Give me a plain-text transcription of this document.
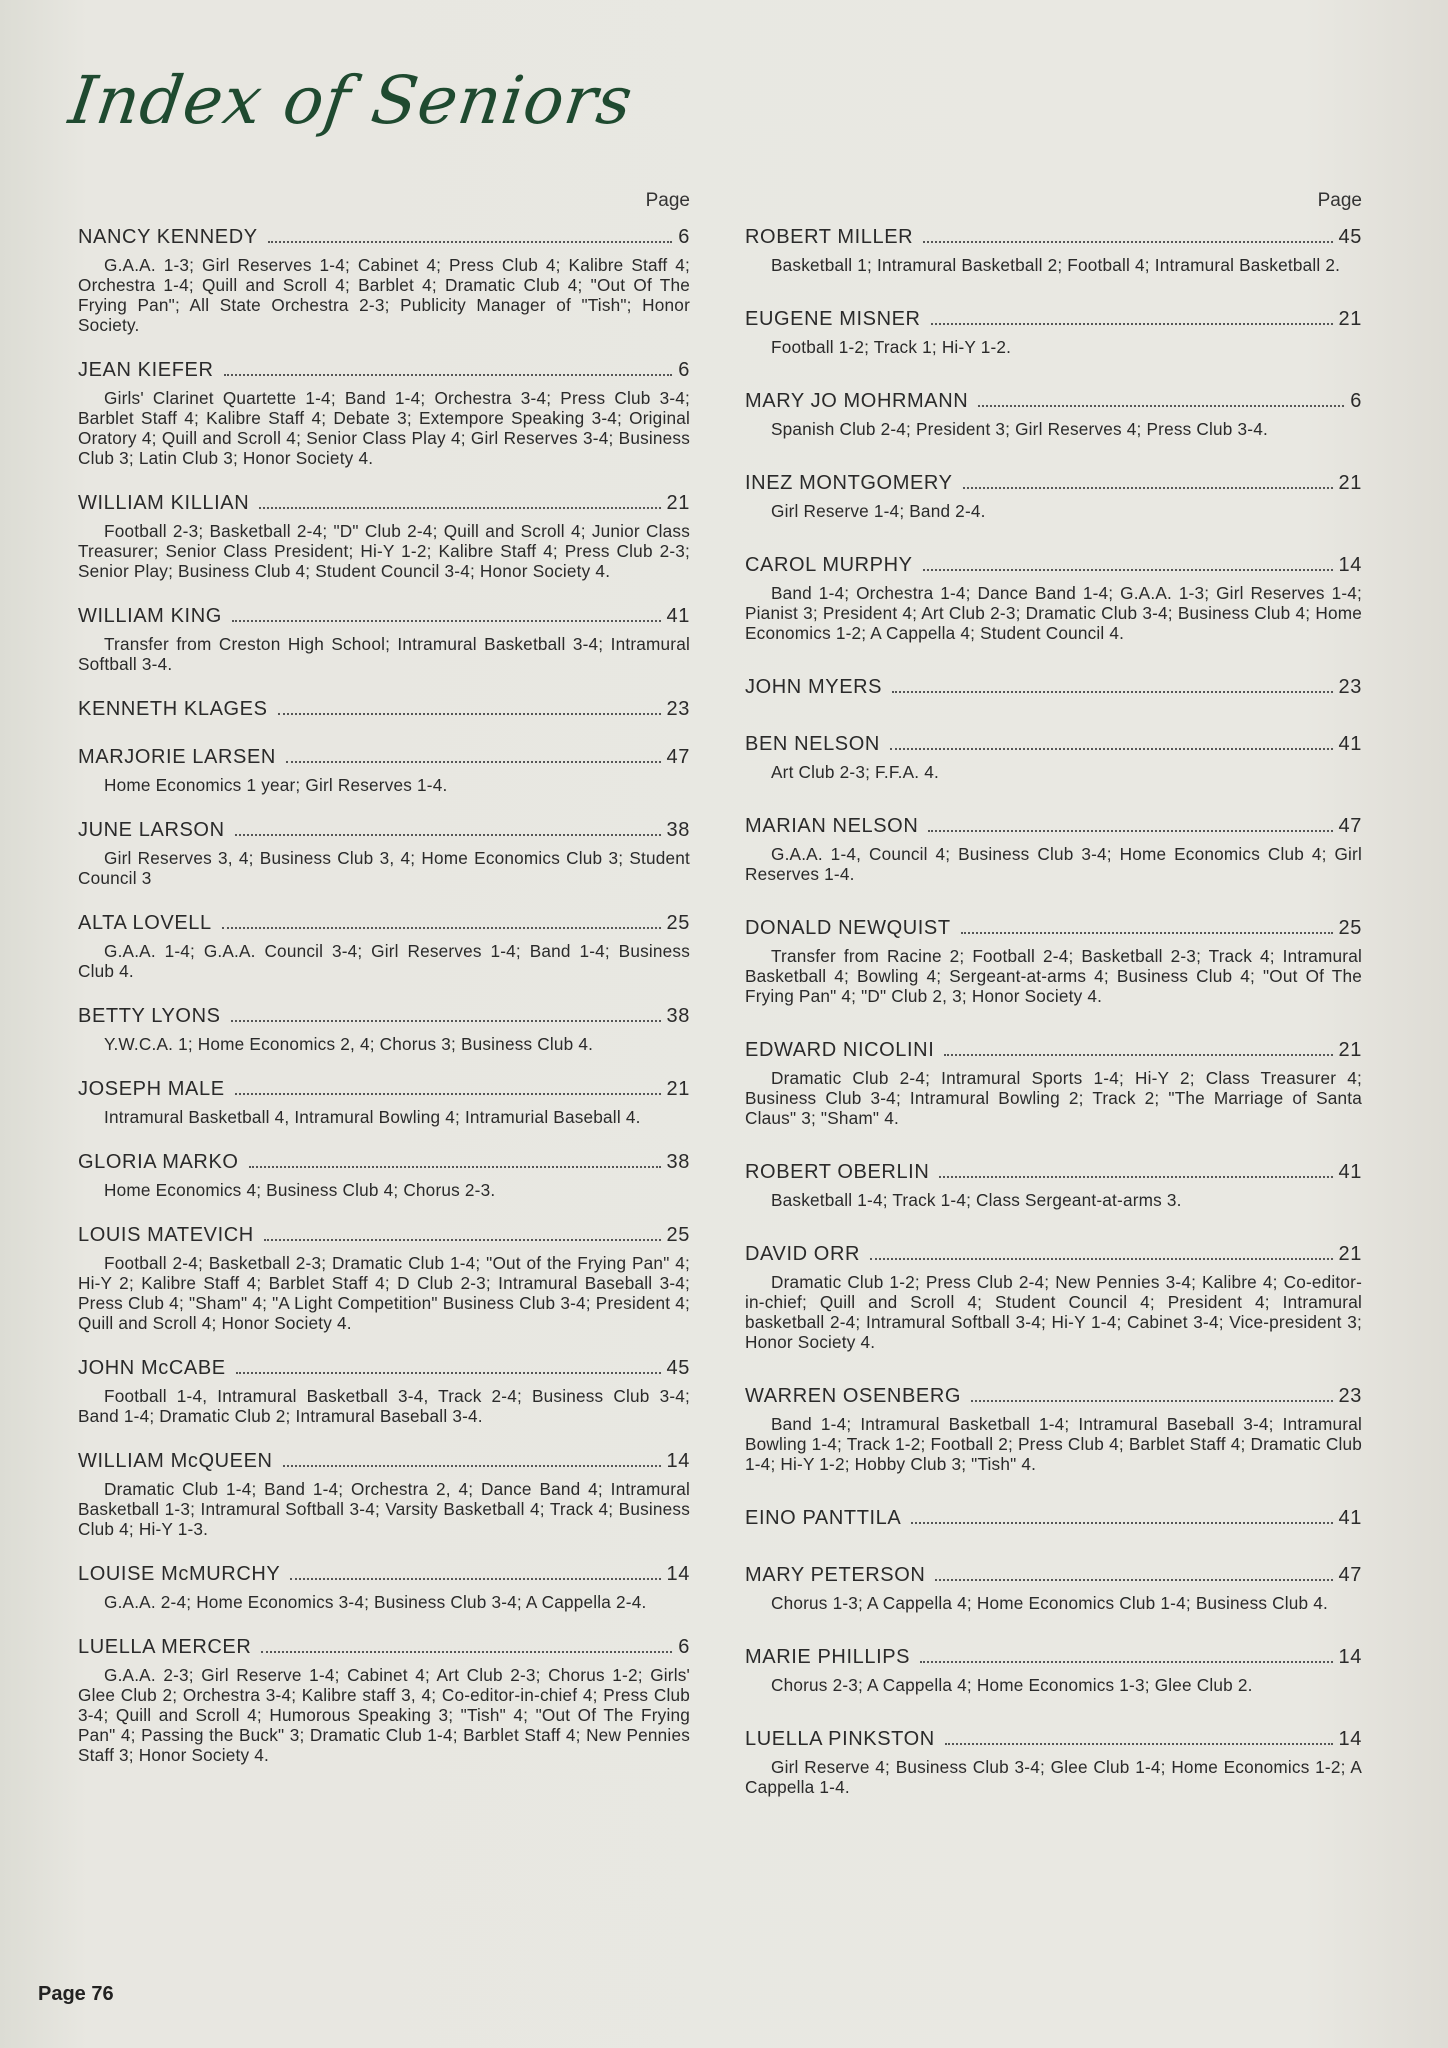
Index of Seniors
Page
NANCY KENNEDY	6
G.A.A. 1-3; Girl Reserves 1-4; Cabinet 4; Press Club 4; Kalibre Staff 4; Orchestra 1-4; Quill and Scroll 4; Barblet 4; Dramatic Club 4; "Out Of The Frying Pan"; All State Orchestra 2-3; Publicity Manager of "Tish"; Honor Society.
JEAN KIEFER	6
Girls' Clarinet Quartette 1-4; Band 1-4; Orchestra 3-4; Press Club 3-4; Barblet Staff 4; Kalibre Staff 4; Debate 3; Extempore Speaking 3-4; Original Oratory 4; Quill and Scroll 4; Senior Class Play 4; Girl Reserves 3-4; Business Club 3; Latin Club 3; Honor Society 4.
WILLIAM KILLIAN	21
Football 2-3; Basketball 2-4; "D" Club 2-4; Quill and Scroll 4; Junior Class Treasurer; Senior Class President; Hi-Y 1-2; Kalibre Staff 4; Press Club 2-3; Senior Play; Business Club 4; Student Council 3-4; Honor Society 4.
WILLIAM KING	41
Transfer from Creston High School; Intramural Basketball 3-4; Intramural Softball 3-4.
KENNETH KLAGES	23
MARJORIE LARSEN	47
Home Economics 1 year; Girl Reserves 1-4.
JUNE LARSON	38
Girl Reserves 3, 4; Business Club 3, 4; Home Economics Club 3; Student Council 3
ALTA LOVELL	25
G.A.A. 1-4; G.A.A. Council 3-4; Girl Reserves 1-4; Band 1-4; Business Club 4.
BETTY LYONS	38
Y.W.C.A. 1; Home Economics 2, 4; Chorus 3; Business Club 4.
JOSEPH MALE	21
Intramural Basketball 4, Intramural Bowling 4; Intramurial Baseball 4.
GLORIA MARKO	38
Home Economics 4; Business Club 4; Chorus 2-3.
LOUIS MATEVICH	25
Football 2-4; Basketball 2-3; Dramatic Club 1-4; "Out of the Frying Pan" 4; Hi-Y 2; Kalibre Staff 4; Barblet Staff 4; D Club 2-3; Intramural Baseball 3-4; Press Club 4; "Sham" 4; "A Light Competition" Business Club 3-4; President 4; Quill and Scroll 4; Honor Society 4.
JOHN McCABE	45
Football 1-4, Intramural Basketball 3-4, Track 2-4; Business Club 3-4; Band 1-4; Dramatic Club 2; Intramural Baseball 3-4.
WILLIAM McQUEEN	14
Dramatic Club 1-4; Band 1-4; Orchestra 2, 4; Dance Band 4; Intramural Basketball 1-3; Intramural Softball 3-4; Varsity Basketball 4; Track 4; Business Club 4; Hi-Y 1-3.
LOUISE McMURCHY	14
G.A.A. 2-4; Home Economics 3-4; Business Club 3-4; A Cappella 2-4.
LUELLA MERCER	6
G.A.A. 2-3; Girl Reserve 1-4; Cabinet 4; Art Club 2-3; Chorus 1-2; Girls' Glee Club 2; Orchestra 3-4; Kalibre staff 3, 4; Co-editor-in-chief 4; Press Club 3-4; Quill and Scroll 4; Humorous Speaking 3; "Tish" 4; "Out Of The Frying Pan" 4; Passing the Buck" 3; Dramatic Club 1-4; Barblet Staff 4; New Pennies Staff 3; Honor Society 4.
Page
ROBERT MILLER	45
Basketball 1; Intramural Basketball 2; Football 4; Intramural Basketball 2.
EUGENE MISNER	21
Football 1-2; Track 1; Hi-Y 1-2.
MARY JO MOHRMANN	6
Spanish Club 2-4; President 3; Girl Reserves 4; Press Club 3-4.
INEZ MONTGOMERY	21
Girl Reserve 1-4; Band 2-4.
CAROL MURPHY	14
Band 1-4; Orchestra 1-4; Dance Band 1-4; G.A.A. 1-3; Girl Reserves 1-4; Pianist 3; President 4; Art Club 2-3; Dramatic Club 3-4; Business Club 4; Home Economics 1-2; A Cappella 4; Student Council 4.
JOHN MYERS	23
BEN NELSON	41
Art Club 2-3; F.F.A. 4.
MARIAN NELSON	47
G.A.A. 1-4, Council 4; Business Club 3-4; Home Economics Club 4; Girl Reserves 1-4.
DONALD NEWQUIST	25
Transfer from Racine 2; Football 2-4; Basketball 2-3; Track 4; Intramural Basketball 4; Bowling 4; Sergeant-at-arms 4; Business Club 4; "Out Of The Frying Pan" 4; "D" Club 2, 3; Honor Society 4.
EDWARD NICOLINI	21
Dramatic Club 2-4; Intramural Sports 1-4; Hi-Y 2; Class Treasurer 4; Business Club 3-4; Intramural Bowling 2; Track 2; "The Marriage of Santa Claus" 3; "Sham" 4.
ROBERT OBERLIN	41
Basketball 1-4; Track 1-4; Class Sergeant-at-arms 3.
DAVID ORR	21
Dramatic Club 1-2; Press Club 2-4; New Pennies 3-4; Kalibre 4; Co-editor-in-chief; Quill and Scroll 4; Student Council 4; President 4; Intramural basketball 2-4; Intramural Softball 3-4; Hi-Y 1-4; Cabinet 3-4; Vice-president 3; Honor Society 4.
WARREN OSENBERG	23
Band 1-4; Intramural Basketball 1-4; Intramural Baseball 3-4; Intramural Bowling 1-4; Track 1-2; Football 2; Press Club 4; Barblet Staff 4; Dramatic Club 1-4; Hi-Y 1-2; Hobby Club 3; "Tish" 4.
EINO PANTTILA	41
MARY PETERSON	47
Chorus 1-3; A Cappella 4; Home Economics Club 1-4; Business Club 4.
MARIE PHILLIPS	14
Chorus 2-3; A Cappella 4; Home Economics 1-3; Glee Club 2.
LUELLA PINKSTON	14
Girl Reserve 4; Business Club 3-4; Glee Club 1-4; Home Economics 1-2; A Cappella 1-4.
Page 76
